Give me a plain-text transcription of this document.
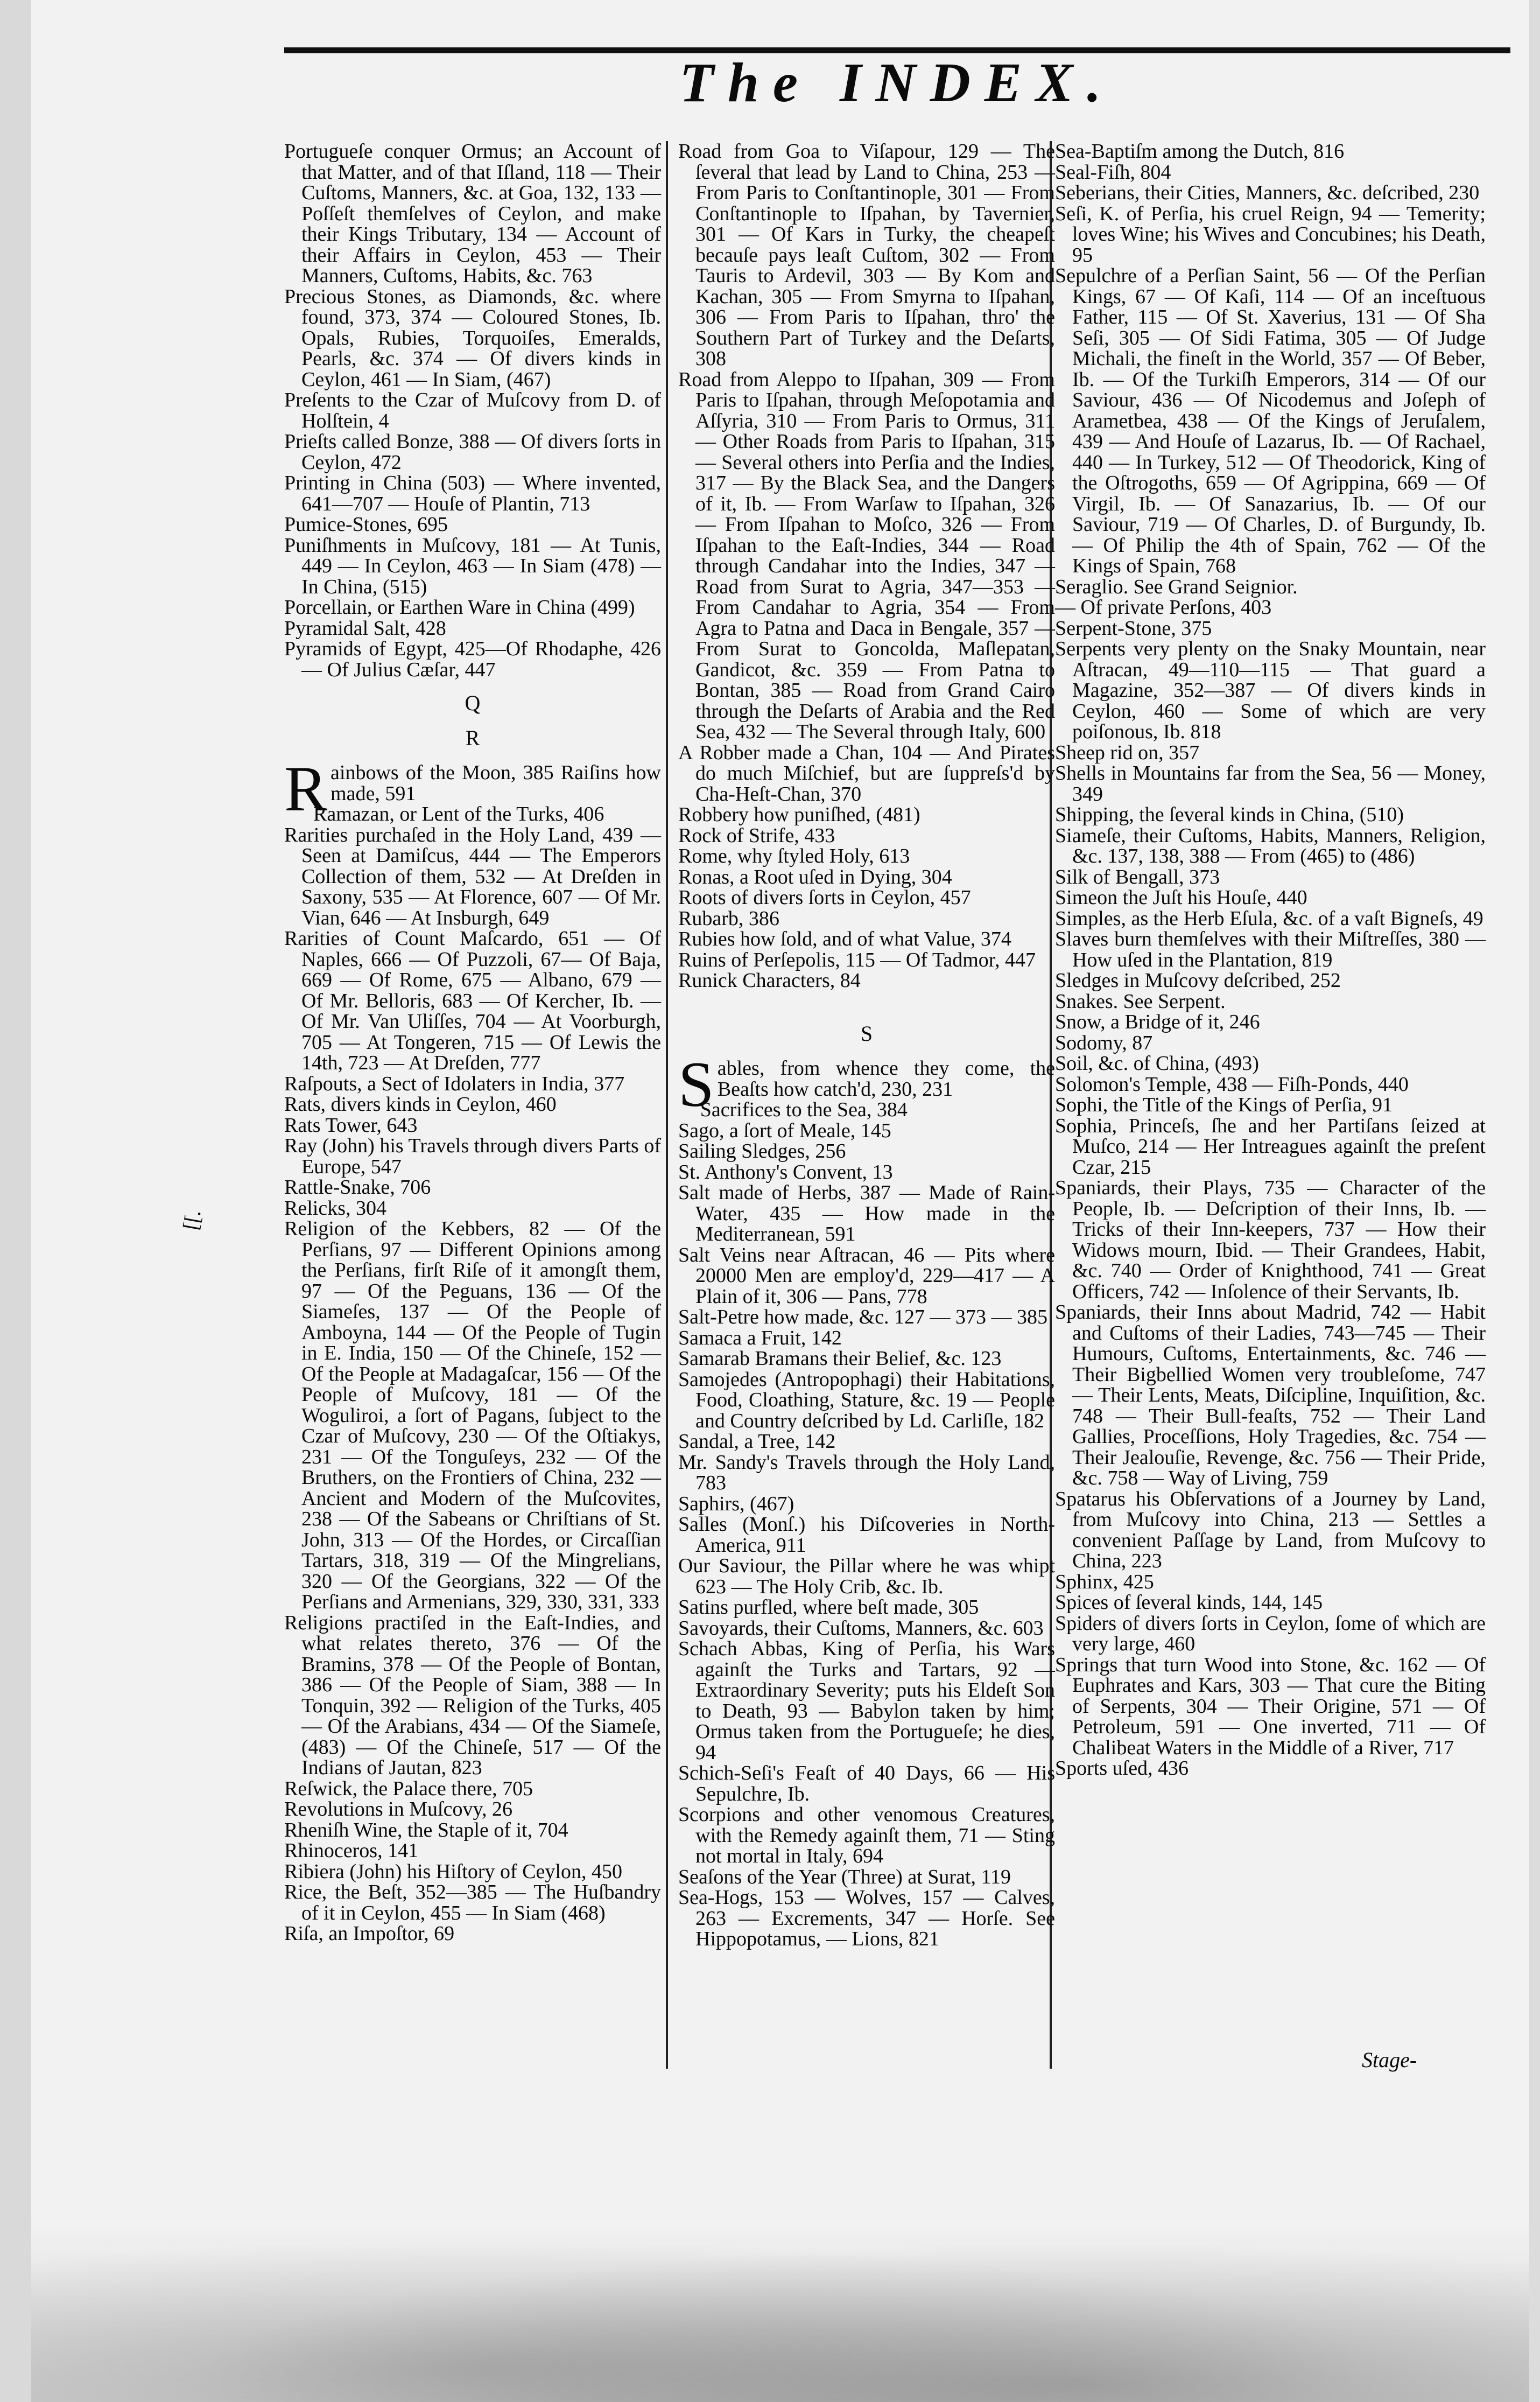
The INDEX.

Portugueſe conquer Ormus; an Account of that Matter, and of that Iſland, 118 — Their Cuſtoms, Manners, &c. at Goa, 132, 133 — Poſſeſt themſelves of Ceylon, and make their Kings Tributary, 134 — Account of their Affairs in Ceylon, 453 — Their Manners, Cuſtoms, Habits, &c. 763

Precious Stones, as Diamonds, &c. where found, 373, 374 — Coloured Stones, Ib. Opals, Rubies, Torquoiſes, Emeralds, Pearls, &c. 374 — Of divers kinds in Ceylon, 461 — In Siam, (467)

Preſents to the Czar of Muſcovy from D. of Holſtein, 4

Prieſts called Bonze, 388 — Of divers ſorts in Ceylon, 472

Printing in China (503) — Where invented, 641—707 — Houſe of Plantin, 713

Pumice-Stones, 695

Puniſhments in Muſcovy, 181 — At Tunis, 449 — In Ceylon, 463 — In Siam (478) — In China, (515)

Porcellain, or Earthen Ware in China (499)

Pyramidal Salt, 428

Pyramids of Egypt, 425—Of Rhodaphe, 426 — Of Julius Cæſar, 447

Q
R

Rainbows of the Moon, 385 Raiſins how made, 591

Ramazan, or Lent of the Turks, 406

Rarities purchaſed in the Holy Land, 439 — Seen at Damiſcus, 444 — The Emperors Collection of them, 532 — At Dreſden in Saxony, 535 — At Florence, 607 — Of Mr. Vian, 646 — At Insburgh, 649

Rarities of Count Maſcardo, 651 — Of Naples, 666 — Of Puzzoli, 67— Of Baja, 669 — Of Rome, 675 — Albano, 679 — Of Mr. Belloris, 683 — Of Kercher, Ib. — Of Mr. Van Uliſſes, 704 — At Voorburgh, 705 — At Tongeren, 715 — Of Lewis the 14th, 723 — At Dreſden, 777

Raſpouts, a Sect of Idolaters in India, 377

Rats, divers kinds in Ceylon, 460

Rats Tower, 643

Ray (John) his Travels through divers Parts of Europe, 547

Rattle-Snake, 706

Relicks, 304

Religion of the Kebbers, 82 — Of the Perſians, 97 — Different Opinions among the Perſians, firſt Riſe of it amongſt them, 97 — Of the Peguans, 136 — Of the Siameſes, 137 — Of the People of Amboyna, 144 — Of the People of Tugin in E. India, 150 — Of the Chineſe, 152 — Of the People at Madagaſcar, 156 — Of the People of Muſcovy, 181 — Of the Woguliroi, a ſort of Pagans, ſubject to the Czar of Muſcovy, 230 — Of the Oſtiakys, 231 — Of the Tonguſeys, 232 — Of the Bruthers, on the Frontiers of China, 232 — Ancient and Modern of the Muſcovites, 238 — Of the Sabeans or Chriſtians of St. John, 313 — Of the Hordes, or Circaſſian Tartars, 318, 319 — Of the Mingrelians, 320 — Of the Georgians, 322 — Of the Perſians and Armenians, 329, 330, 331, 333

Religions practiſed in the Eaſt-Indies, and what relates thereto, 376 — Of the Bramins, 378 — Of the People of Bontan, 386 — Of the People of Siam, 388 — In Tonquin, 392 — Religion of the Turks, 405 — Of the Arabians, 434 — Of the Siameſe, (483) — Of the Chineſe, 517 — Of the Indians of Jautan, 823

Reſwick, the Palace there, 705

Revolutions in Muſcovy, 26

Rheniſh Wine, the Staple of it, 704

Rhinoceros, 141

Ribiera (John) his Hiſtory of Ceylon, 450

Rice, the Beſt, 352—385 — The Huſbandry of it in Ceylon, 455 — In Siam (468)

Riſa, an Impoſtor, 69

Road from Goa to Viſapour, 129 — The ſeveral that lead by Land to China, 253 — From Paris to Conſtantinople, 301 — From Conſtantinople to Iſpahan, by Tavernier, 301 — Of Kars in Turky, the cheapeſt becauſe pays leaſt Cuſtom, 302 — From Tauris to Ardevil, 303 — By Kom and Kachan, 305 — From Smyrna to Iſpahan, 306 — From Paris to Iſpahan, thro' the Southern Part of Turkey and the Deſarts, 308

Road from Aleppo to Iſpahan, 309 — From Paris to Iſpahan, through Meſopotamia and Aſſyria, 310 — From Paris to Ormus, 311 — Other Roads from Paris to Iſpahan, 315 — Several others into Perſia and the Indies, 317 — By the Black Sea, and the Dangers of it, Ib. — From Warſaw to Iſpahan, 326 — From Iſpahan to Moſco, 326 — From Iſpahan to the Eaſt-Indies, 344 — Road through Candahar into the Indies, 347 — Road from Surat to Agria, 347—353 — From Candahar to Agria, 354 — From Agra to Patna and Daca in Bengale, 357 — From Surat to Goncolda, Maſlepatan, Gandicot, &c. 359 — From Patna to Bontan, 385 — Road from Grand Cairo through the Deſarts of Arabia and the Red Sea, 432 — The Several through Italy, 600

A Robber made a Chan, 104 — And Pirates do much Miſchief, but are ſuppreſs'd by Cha-Heſt-Chan, 370

Robbery how puniſhed, (481)

Rock of Strife, 433

Rome, why ſtyled Holy, 613

Ronas, a Root uſed in Dying, 304

Roots of divers ſorts in Ceylon, 457

Rubarb, 386

Rubies how ſold, and of what Value, 374

Ruins of Perſepolis, 115 — Of Tadmor, 447

Runick Characters, 84

S

Sables, from whence they come, the Beaſts how catch'd, 230, 231

Sacrifices to the Sea, 384

Sago, a ſort of Meale, 145

Sailing Sledges, 256

St. Anthony's Convent, 13

Salt made of Herbs, 387 — Made of Rain-Water, 435 — How made in the Mediterranean, 591

Salt Veins near Aſtracan, 46 — Pits where 20000 Men are employ'd, 229—417 — A Plain of it, 306 — Pans, 778

Salt-Petre how made, &c. 127 — 373 — 385

Samaca a Fruit, 142

Samarab Bramans their Belief, &c. 123

Samojedes (Antropophagi) their Habitations, Food, Cloathing, Stature, &c. 19 — People and Country deſcribed by Ld. Carliſle, 182

Sandal, a Tree, 142

Mr. Sandy's Travels through the Holy Land, 783

Saphirs, (467)

Salles (Monſ.) his Diſcoveries in North-America, 911

Our Saviour, the Pillar where he was whipt 623 — The Holy Crib, &c. Ib.

Satins purfled, where beſt made, 305

Savoyards, their Cuſtoms, Manners, &c. 603

Schach Abbas, King of Perſia, his Wars againſt the Turks and Tartars, 92 — Extraordinary Severity; puts his Eldeſt Son to Death, 93 — Babylon taken by him; Ormus taken from the Portugueſe; he dies, 94

Schich-Seſi's Feaſt of 40 Days, 66 — His Sepulchre, Ib.

Scorpions and other venomous Creatures, with the Remedy againſt them, 71 — Sting not mortal in Italy, 694

Seaſons of the Year (Three) at Surat, 119

Sea-Hogs, 153 — Wolves, 157 — Calves, 263 — Excrements, 347 — Horſe. See Hippopotamus, — Lions, 821

Sea-Baptiſm among the Dutch, 816

Seal-Fiſh, 804

Seberians, their Cities, Manners, &c. deſcribed, 230

Seſi, K. of Perſia, his cruel Reign, 94 — Temerity; loves Wine; his Wives and Concubines; his Death, 95

Sepulchre of a Perſian Saint, 56 — Of the Perſian Kings, 67 — Of Kaſi, 114 — Of an inceſtuous Father, 115 — Of St. Xaverius, 131 — Of Sha Seſi, 305 — Of Sidi Fatima, 305 — Of Judge Michali, the fineſt in the World, 357 — Of Beber, Ib. — Of the Turkiſh Emperors, 314 — Of our Saviour, 436 — Of Nicodemus and Joſeph of Arametbea, 438 — Of the Kings of Jeruſalem, 439 — And Houſe of Lazarus, Ib. — Of Rachael, 440 — In Turkey, 512 — Of Theodorick, King of the Oſtrogoths, 659 — Of Agrippina, 669 — Of Virgil, Ib. — Of Sanazarius, Ib. — Of our Saviour, 719 — Of Charles, D. of Burgundy, Ib. — Of Philip the 4th of Spain, 762 — Of the Kings of Spain, 768

Seraglio. See Grand Seignior.

— Of private Perſons, 403

Serpent-Stone, 375

Serpents very plenty on the Snaky Mountain, near Aſtracan, 49—110—115 — That guard a Magazine, 352—387 — Of divers kinds in Ceylon, 460 — Some of which are very poiſonous, Ib. 818

Sheep rid on, 357

Shells in Mountains far from the Sea, 56 — Money, 349

Shipping, the ſeveral kinds in China, (510)

Siameſe, their Cuſtoms, Habits, Manners, Religion, &c. 137, 138, 388 — From (465) to (486)

Silk of Bengall, 373

Simeon the Juſt his Houſe, 440

Simples, as the Herb Eſula, &c. of a vaſt Bigneſs, 49

Slaves burn themſelves with their Miſtreſſes, 380 — How uſed in the Plantation, 819

Sledges in Muſcovy deſcribed, 252

Snakes. See Serpent.

Snow, a Bridge of it, 246

Sodomy, 87

Soil, &c. of China, (493)

Solomon's Temple, 438 — Fiſh-Ponds, 440

Sophi, the Title of the Kings of Perſia, 91

Sophia, Princeſs, ſhe and her Partiſans ſeized at Muſco, 214 — Her Intreagues againſt the preſent Czar, 215

Spaniards, their Plays, 735 — Character of the People, Ib. — Deſcription of their Inns, Ib. — Tricks of their Inn-keepers, 737 — How their Widows mourn, Ibid. — Their Grandees, Habit, &c. 740 — Order of Knighthood, 741 — Great Officers, 742 — Inſolence of their Servants, Ib.

Spaniards, their Inns about Madrid, 742 — Habit and Cuſtoms of their Ladies, 743—745 — Their Humours, Cuſtoms, Entertainments, &c. 746 — Their Bigbellied Women very troubleſome, 747 — Their Lents, Meats, Diſcipline, Inquiſition, &c. 748 — Their Bull-feaſts, 752 — Their Land Gallies, Proceſſions, Holy Tragedies, &c. 754 — Their Jealouſie, Revenge, &c. 756 — Their Pride, &c. 758 — Way of Living, 759

Spatarus his Obſervations of a Journey by Land, from Muſcovy into China, 213 — Settles a convenient Paſſage by Land, from Muſcovy to China, 223

Sphinx, 425

Spices of ſeveral kinds, 144, 145

Spiders of divers ſorts in Ceylon, ſome of which are very large, 460

Springs that turn Wood into Stone, &c. 162 — Of Euphrates and Kars, 303 — That cure the Biting of Serpents, 304 — Their Origine, 571 — Of Petroleum, 591 — One inverted, 711 — Of Chalibeat Waters in the Middle of a River, 717

Sports uſed, 436

[[.
Stage-
